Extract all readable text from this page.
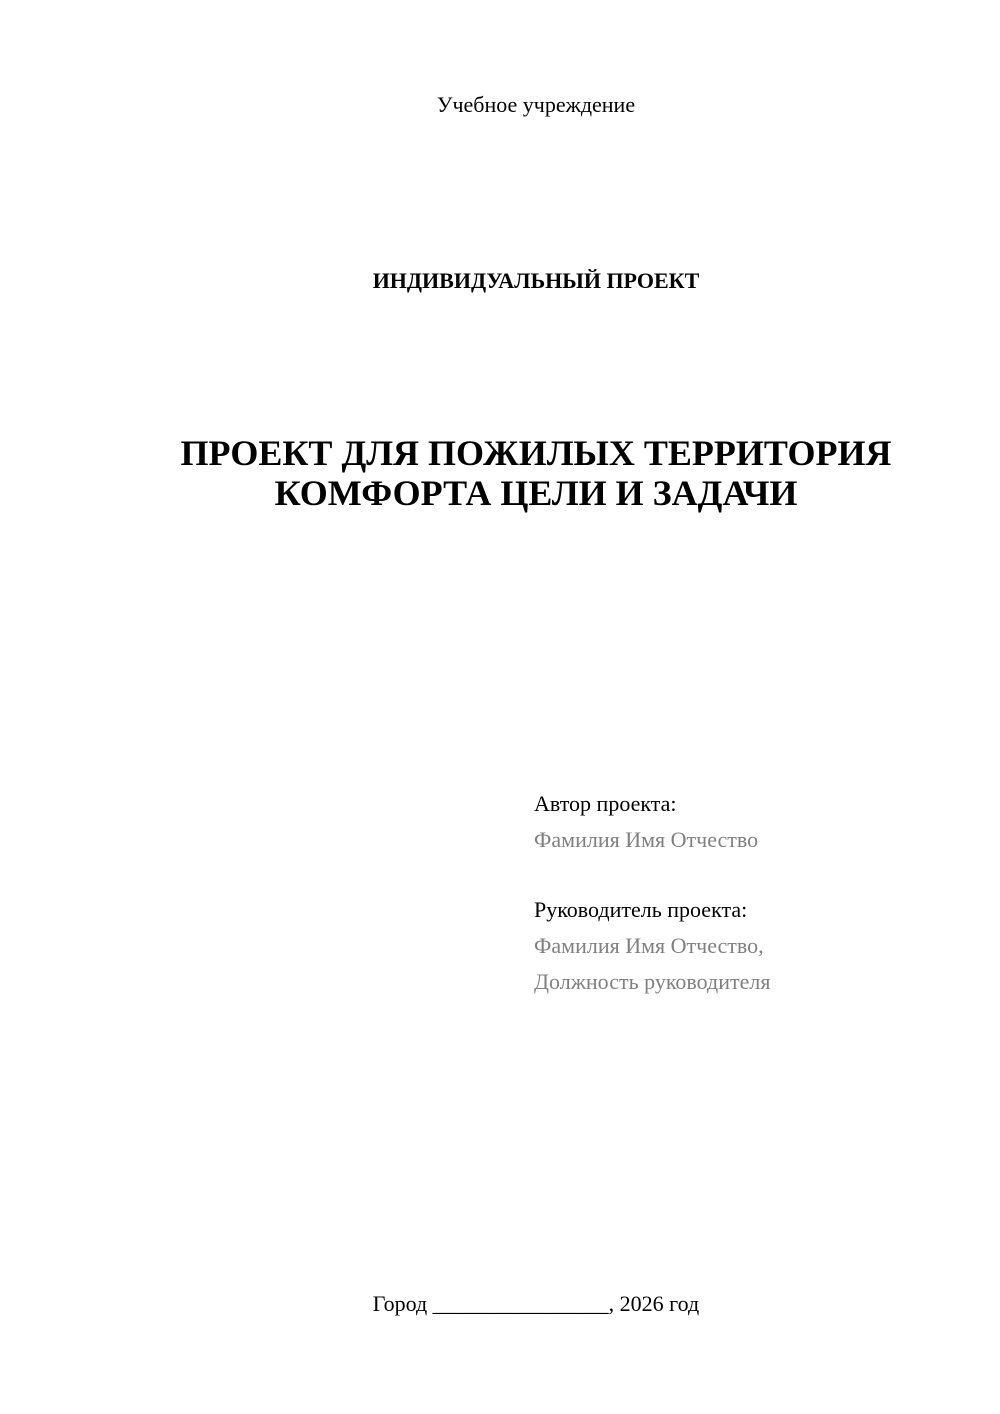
Учебное учреждение
ИНДИВИДУАЛЬНЫЙ ПРОЕКТ
ПРОЕКТ ДЛЯ ПОЖИЛЫХ ТЕРРИТОРИЯ
КОМФОРТА ЦЕЛИ И ЗАДАЧИ
Автор проекта:
Фамилия Имя Отчество
Руководитель проекта:
Фамилия Имя Отчество,
Должность руководителя
Город ________________, 2026 год
